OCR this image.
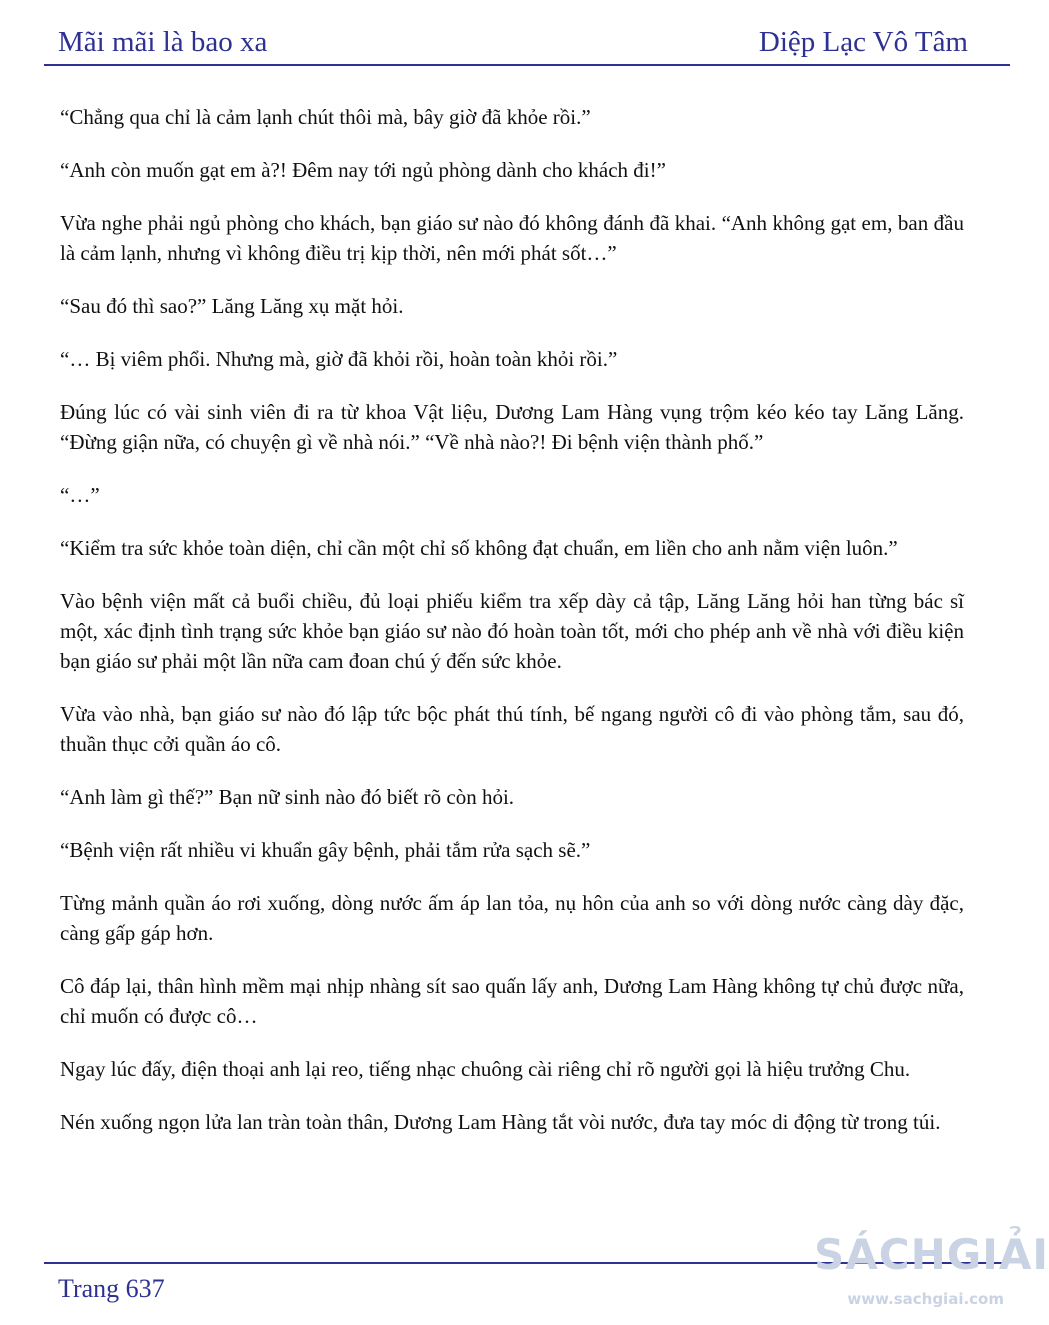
Mãi mãi là bao xa	Diệp Lạc Vô Tâm

“Chẳng qua chỉ là cảm lạnh chút thôi mà, bây giờ đã khỏe rồi.”

“Anh còn muốn gạt em à?! Đêm nay tới ngủ phòng dành cho khách đi!”

Vừa nghe phải ngủ phòng cho khách, bạn giáo sư nào đó không đánh đã khai. “Anh không gạt em, ban đầu là cảm lạnh, nhưng vì không điều trị kịp thời, nên mới phát sốt…”

“Sau đó thì sao?” Lăng Lăng xụ mặt hỏi.

“… Bị viêm phổi. Nhưng mà, giờ đã khỏi rồi, hoàn toàn khỏi rồi.”

Đúng lúc có vài sinh viên đi ra từ khoa Vật liệu, Dương Lam Hàng vụng trộm kéo kéo tay Lăng Lăng. “Đừng giận nữa, có chuyện gì về nhà nói.” “Về nhà nào?! Đi bệnh viện thành phố.”

“…”

“Kiểm tra sức khỏe toàn diện, chỉ cần một chỉ số không đạt chuẩn, em liền cho anh nằm viện luôn.”

Vào bệnh viện mất cả buổi chiều, đủ loại phiếu kiểm tra xếp dày cả tập, Lăng Lăng hỏi han từng bác sĩ một, xác định tình trạng sức khỏe bạn giáo sư nào đó hoàn toàn tốt, mới cho phép anh về nhà với điều kiện bạn giáo sư phải một lần nữa cam đoan chú ý đến sức khỏe.

Vừa vào nhà, bạn giáo sư nào đó lập tức bộc phát thú tính, bế ngang người cô đi vào phòng tắm, sau đó, thuần thục cởi quần áo cô.

“Anh làm gì thế?” Bạn nữ sinh nào đó biết rõ còn hỏi.

“Bệnh viện rất nhiều vi khuẩn gây bệnh, phải tắm rửa sạch sẽ.”

Từng mảnh quần áo rơi xuống, dòng nước ấm áp lan tỏa, nụ hôn của anh so với dòng nước càng dày đặc, càng gấp gáp hơn.

Cô đáp lại, thân hình mềm mại nhịp nhàng sít sao quấn lấy anh, Dương Lam Hàng không tự chủ được nữa, chỉ muốn có được cô…

Ngay lúc đấy, điện thoại anh lại reo, tiếng nhạc chuông cài riêng chỉ rõ người gọi là hiệu trưởng Chu.

Nén xuống ngọn lửa lan tràn toàn thân, Dương Lam Hàng tắt vòi nước, đưa tay móc di động từ trong túi.

Trang 637
SÁCHGIẢI
www.sachgiai.com
